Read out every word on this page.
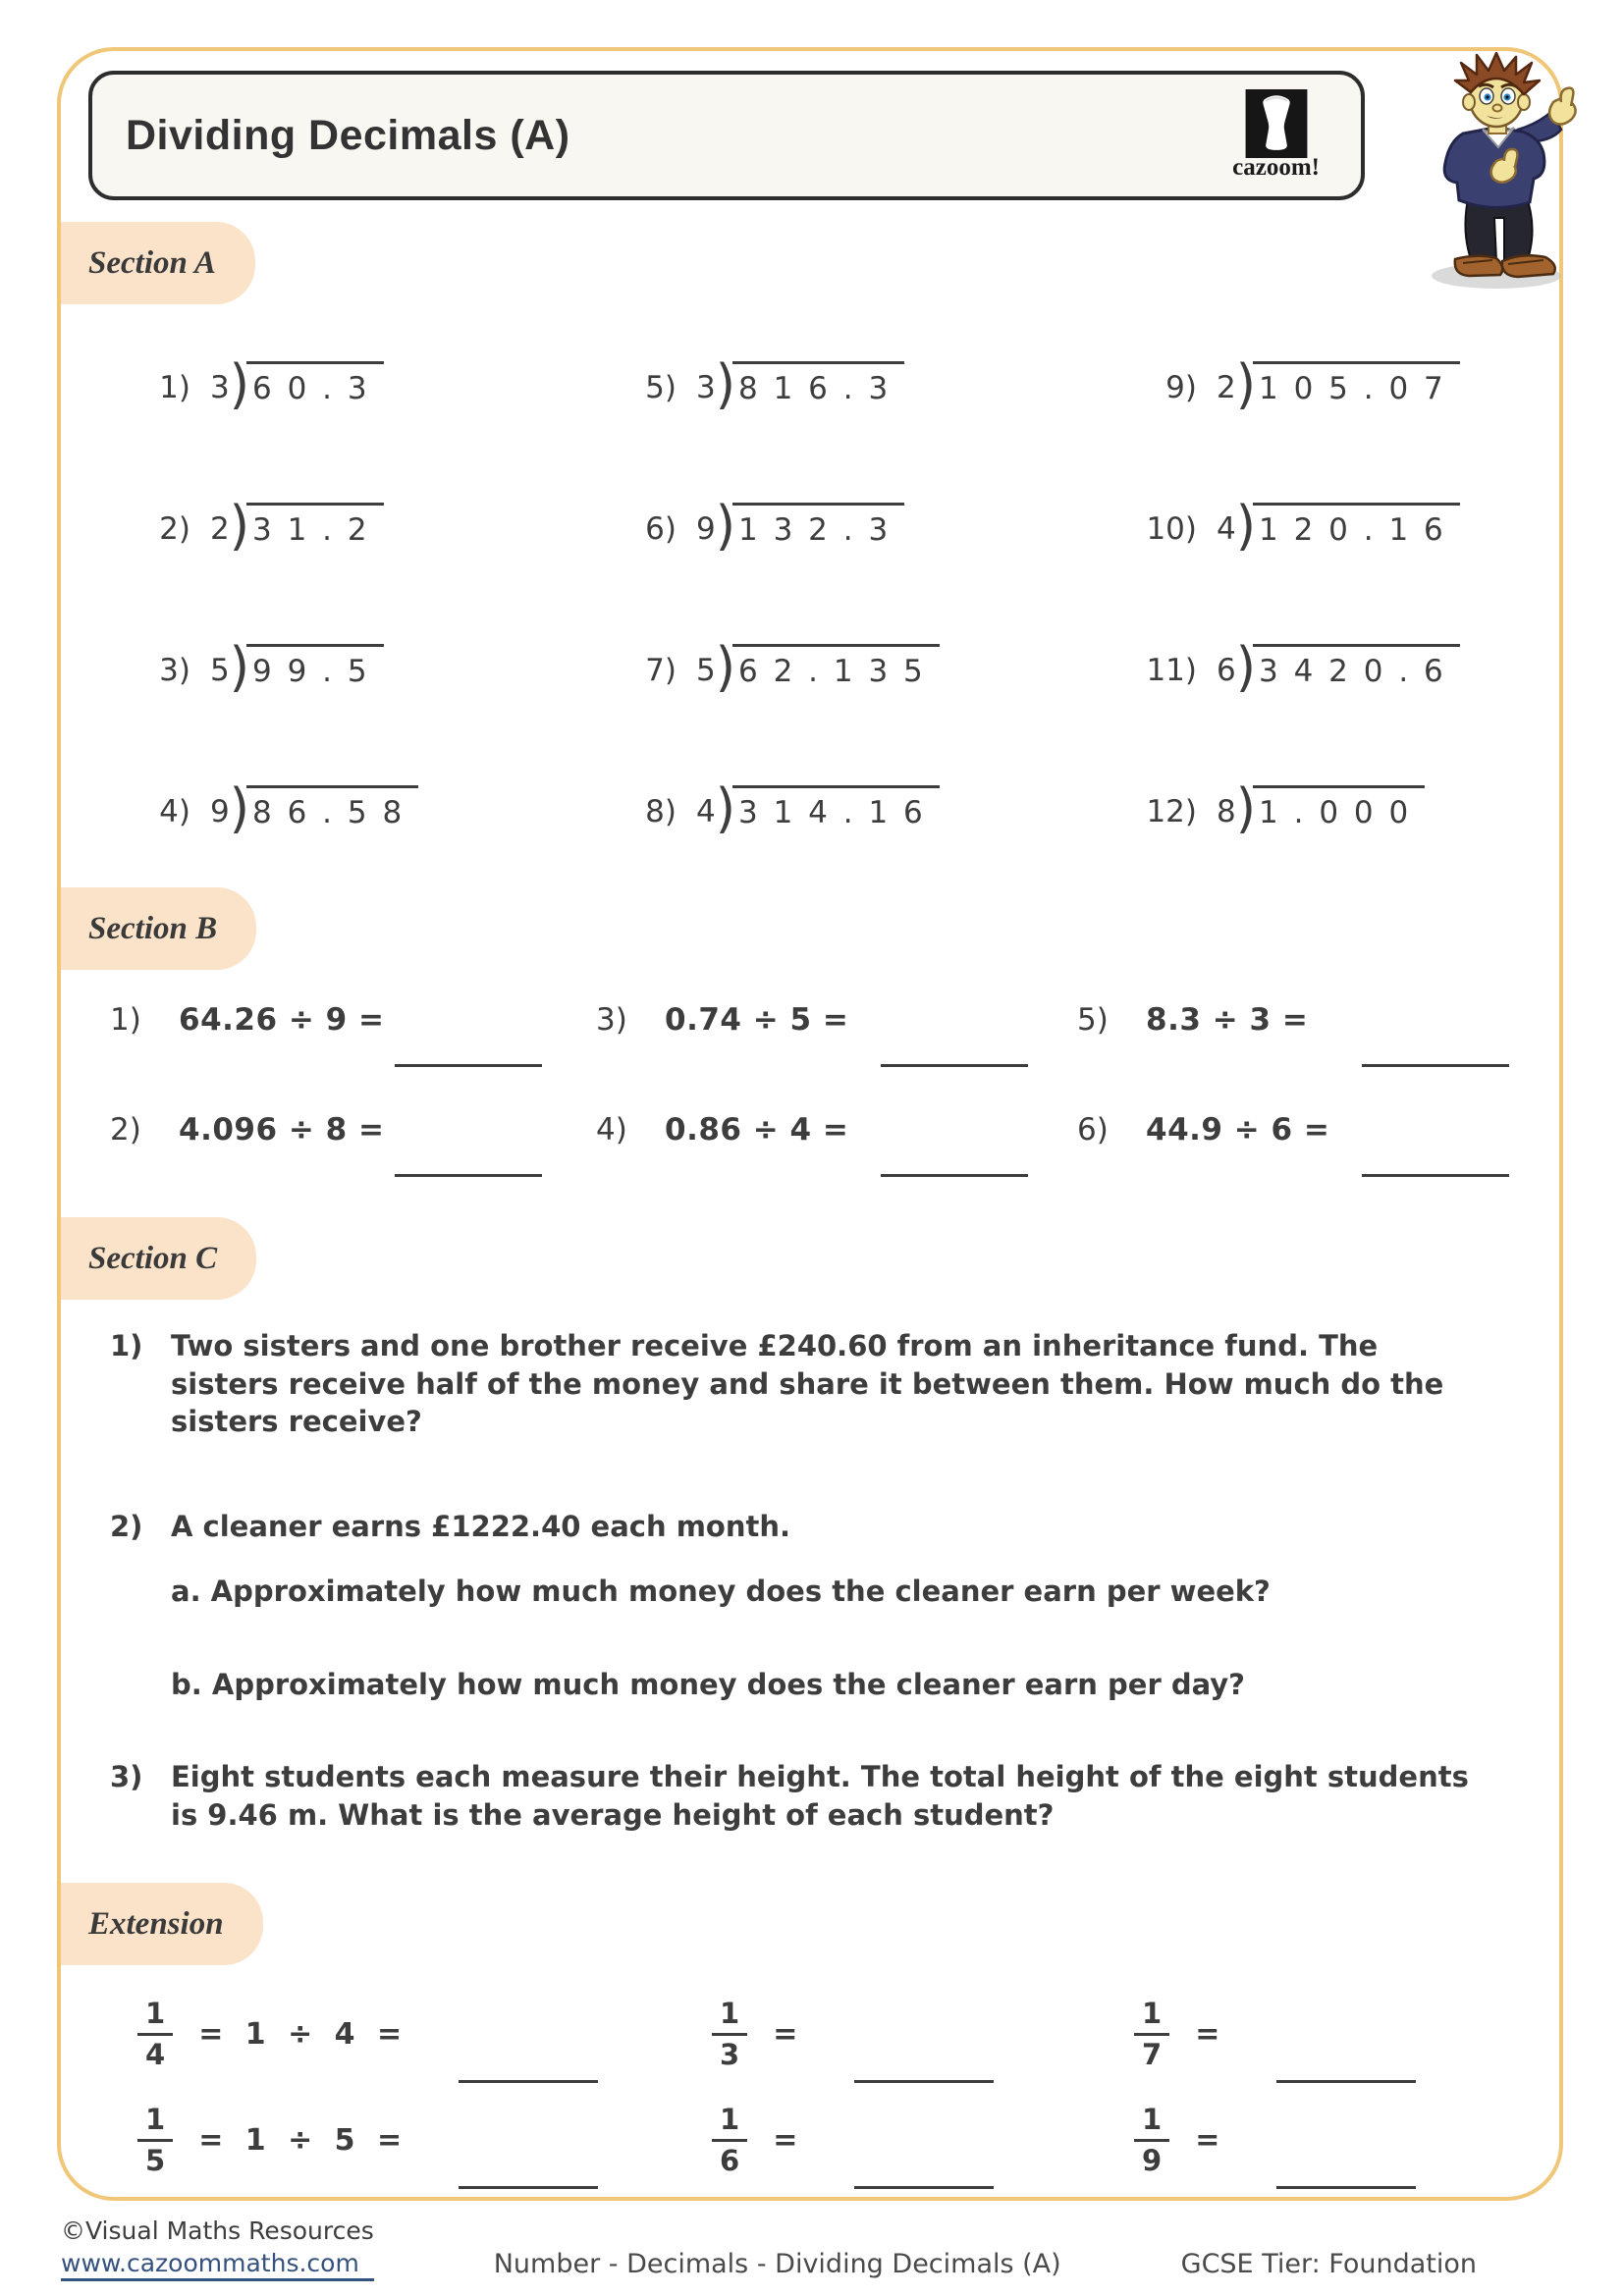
Dividing Decimals (A)
cazoom!
Section A
1) 3 ) 6 0 . 3
2) 2 ) 3 1 . 2
3) 5 ) 9 9 . 5
4) 9 ) 8 6 . 5 8
5) 3 ) 8 1 6 . 3
6) 9 ) 1 3 2 . 3
7) 5 ) 6 2 . 1 3 5
8) 4 ) 3 1 4 . 1 6
9) 2 ) 1 0 5 . 0 7
10) 4 ) 1 2 0 . 1 6
11) 6 ) 3 4 2 0 . 6
12) 8 ) 1 . 0 0 0
Section B
1)	64.26 ÷ 9 =
2)	4.096 ÷ 8 =
3)	0.74 ÷ 5 =
4)	0.86 ÷ 4 =
5)	8.3 ÷ 3 =
6)	44.9 ÷ 6 =
Section C
1) Two sisters and one brother receive £240.60 from an inheritance fund. The sisters receive half of the money and share it between them. How much do the sisters receive?
2) A cleaner earns £1222.40 each month.
a. Approximately how much money does the cleaner earn per week?
b. Approximately how much money does the cleaner earn per day?
3) Eight students each measure their height. The total height of the eight students is 9.46 m. What is the average height of each student?
Extension
$\frac{1}{4} = 1 \div 4$ =
$\frac{1}{5} = 1 \div 5$ =
$\frac{1}{3}$ =
$\frac{1}{6}$ =
$\frac{1}{7}$ =
$\frac{1}{9}$ =
©Visual Maths Resources
www.cazoommaths.com	Number - Decimals - Dividing Decimals (A)	GCSE Tier: Foundation
